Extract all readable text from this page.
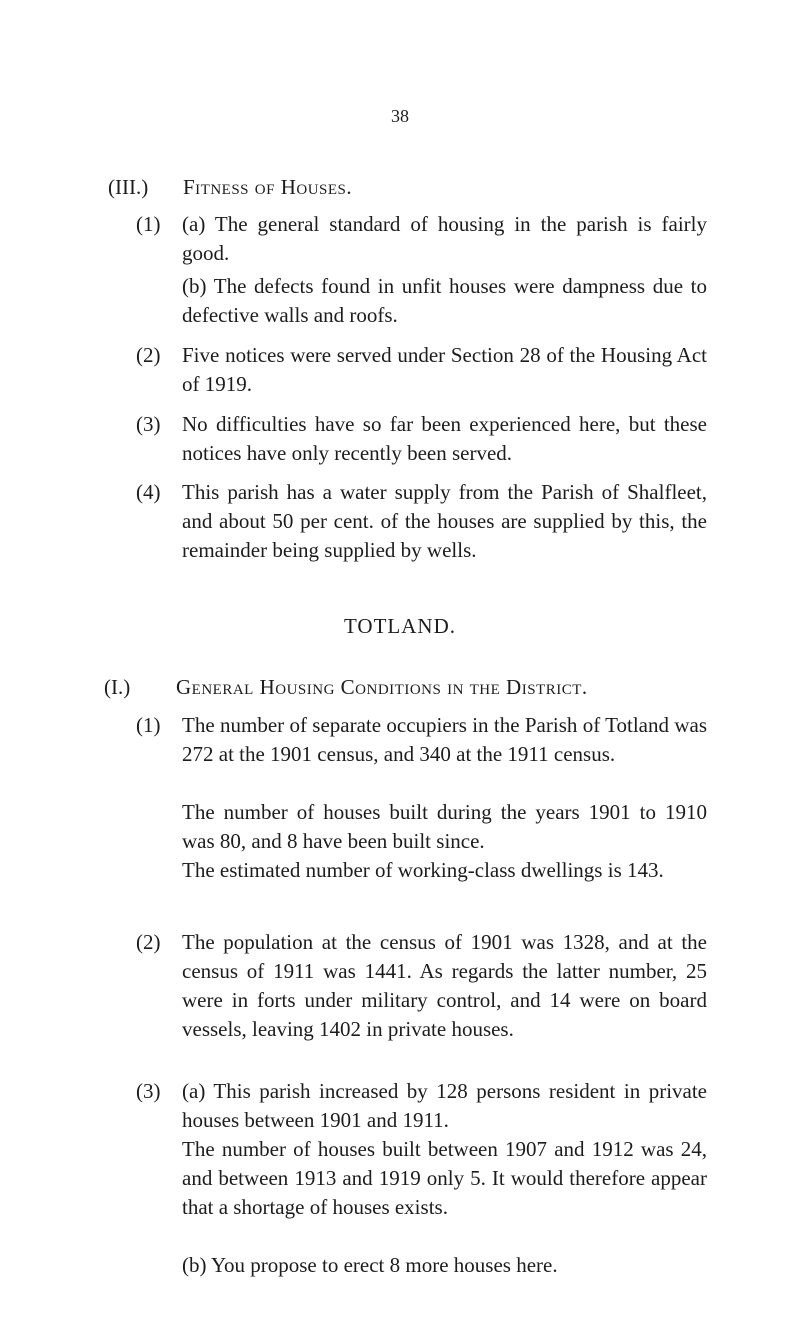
38
(III.) Fitness of Houses.
(1) (a) The general standard of housing in the parish is fairly good.

(b) The defects found in unfit houses were dampness due to defective walls and roofs.

(2) Five notices were served under Section 28 of the Housing Act of 1919.

(3) No difficulties have so far been experienced here, but these notices have only recently been served.

(4) This parish has a water supply from the Parish of Shalfleet, and about 50 per cent. of the houses are supplied by this, the remainder being supplied by wells.

TOTLAND.
(I.) General Housing Conditions in the District.
(1) The number of separate occupiers in the Parish of Totland was 272 at the 1901 census, and 340 at the 1911 census.

The number of houses built during the years 1901 to 1910 was 80, and 8 have been built since.

The estimated number of working-class dwellings is 143.

(2) The population at the census of 1901 was 1328, and at the census of 1911 was 1441. As regards the latter number, 25 were in forts under military control, and 14 were on board vessels, leaving 1402 in private houses.

(3) (a) This parish increased by 128 persons resident in private houses between 1901 and 1911.

The number of houses built between 1907 and 1912 was 24, and between 1913 and 1919 only 5. It would therefore appear that a shortage of houses exists.

(b) You propose to erect 8 more houses here.
